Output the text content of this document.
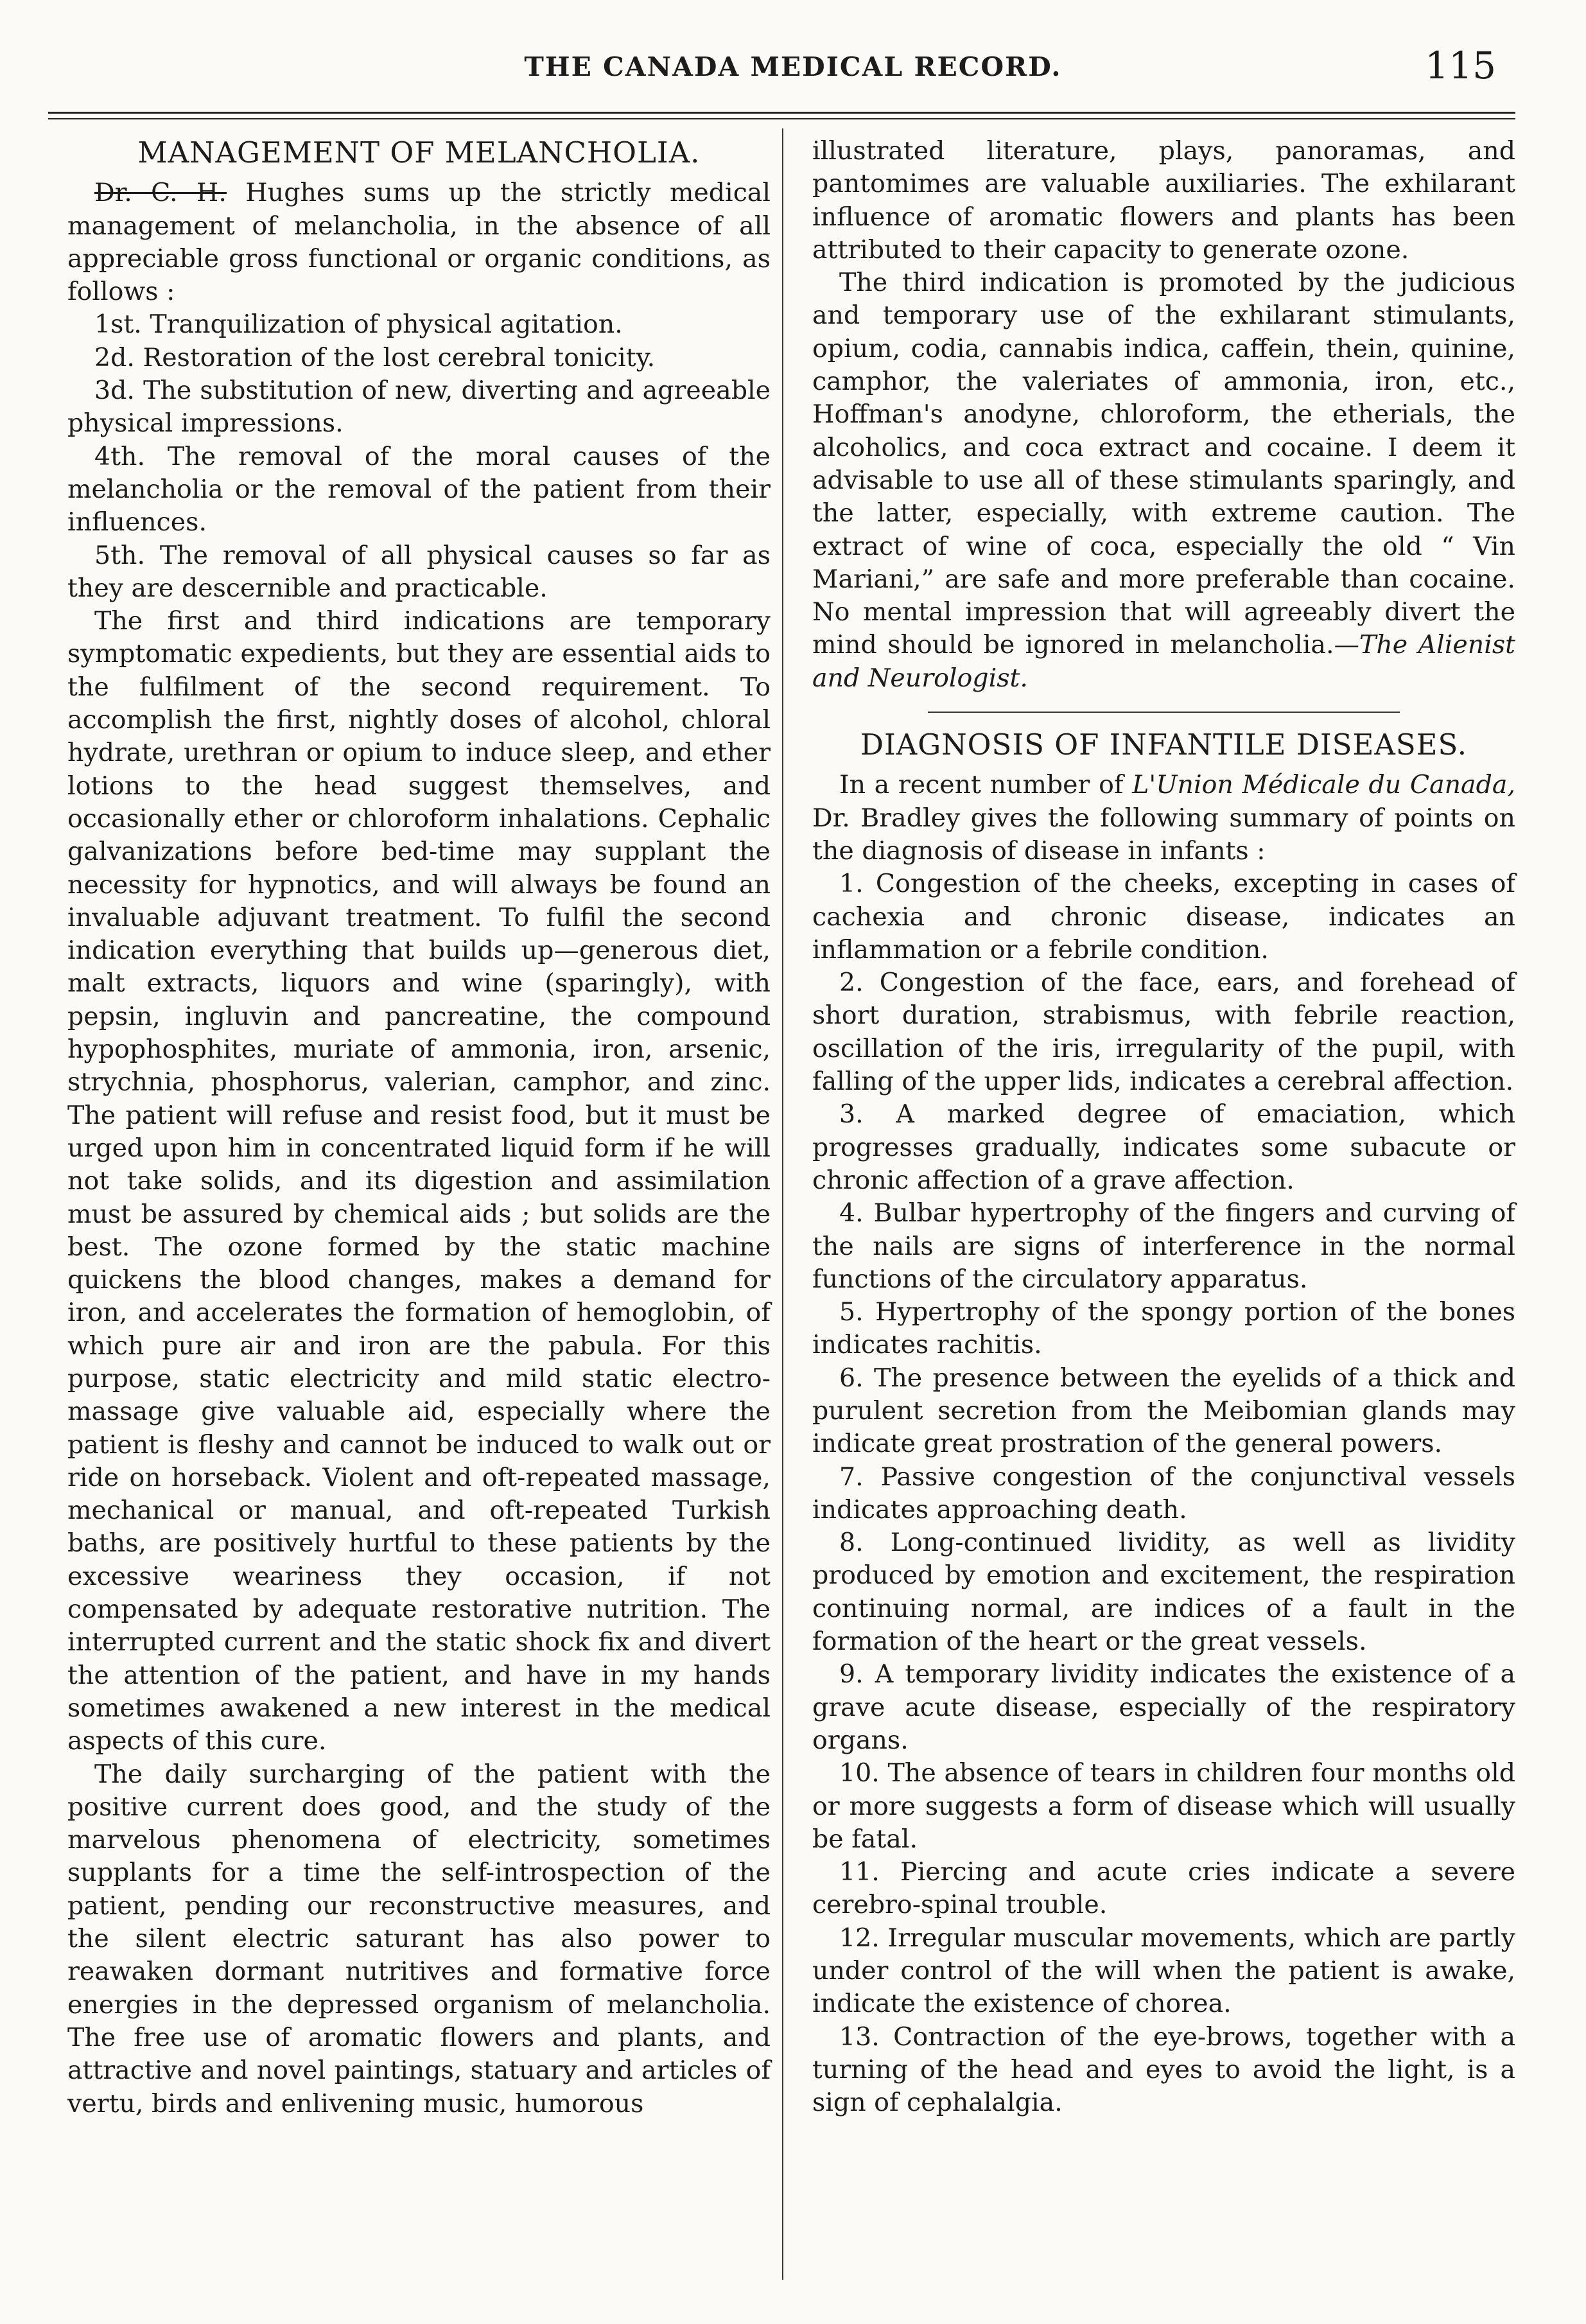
THE CANADA MEDICAL RECORD.	115
MANAGEMENT OF MELANCHOLIA.

Dr. C. H. Hughes sums up the strictly medical management of melancholia, in the absence of all appreciable gross functional or organic conditions, as follows :

1st. Tranquilization of physical agitation.

2d. Restoration of the lost cerebral tonicity.

3d. The substitution of new, diverting and agreeable physical impressions.

4th. The removal of the moral causes of the melancholia or the removal of the patient from their influences.

5th. The removal of all physical causes so far as they are descernible and practicable.

The first and third indications are temporary symptomatic expedients, but they are essential aids to the fulfilment of the second requirement. To accomplish the first, nightly doses of alcohol, chloral hydrate, urethran or opium to induce sleep, and ether lotions to the head suggest themselves, and occasionally ether or chloroform inhalations. Cephalic galvanizations before bed-time may supplant the necessity for hypnotics, and will always be found an invaluable adjuvant treatment. To fulfil the second indication everything that builds up—generous diet, malt extracts, liquors and wine (sparingly), with pepsin, ingluvin and pancreatine, the compound hypophosphites, muriate of ammonia, iron, arsenic, strychnia, phosphorus, valerian, camphor, and zinc. The patient will refuse and resist food, but it must be urged upon him in concentrated liquid form if he will not take solids, and its digestion and assimilation must be assured by chemical aids ; but solids are the best. The ozone formed by the static machine quickens the blood changes, makes a demand for iron, and accelerates the formation of hemoglobin, of which pure air and iron are the pabula. For this purpose, static electricity and mild static electro-massage give valuable aid, especially where the patient is fleshy and cannot be induced to walk out or ride on horseback. Violent and oft-repeated massage, mechanical or manual, and oft-repeated Turkish baths, are positively hurtful to these patients by the excessive weariness they occasion, if not compensated by adequate restorative nutrition. The interrupted current and the static shock fix and divert the attention of the patient, and have in my hands sometimes awakened a new interest in the medical aspects of this cure.

The daily surcharging of the patient with the positive current does good, and the study of the marvelous phenomena of electricity, sometimes supplants for a time the self-introspection of the patient, pending our reconstructive measures, and the silent electric saturant has also power to reawaken dormant nutritives and formative force energies in the depressed organism of melancholia. The free use of aromatic flowers and plants, and attractive and novel paintings, statuary and articles of vertu, birds and enlivening music, humorous

illustrated literature, plays, panoramas, and pantomimes are valuable auxiliaries. The exhilarant influence of aromatic flowers and plants has been attributed to their capacity to generate ozone.

The third indication is promoted by the judicious and temporary use of the exhilarant stimulants, opium, codia, cannabis indica, caffein, thein, quinine, camphor, the valeriates of ammonia, iron, etc., Hoffman's anodyne, chloroform, the etherials, the alcoholics, and coca extract and cocaine. I deem it advisable to use all of these stimulants sparingly, and the latter, especially, with extreme caution. The extract of wine of coca, especially the old “ Vin Mariani,” are safe and more preferable than cocaine. No mental impression that will agreeably divert the mind should be ignored in melancholia.—The Alienist and Neurologist.

DIAGNOSIS OF INFANTILE DISEASES.

In a recent number of L'Union Médicale du Canada, Dr. Bradley gives the following summary of points on the diagnosis of disease in infants :

1. Congestion of the cheeks, excepting in cases of cachexia and chronic disease, indicates an inflammation or a febrile condition.

2. Congestion of the face, ears, and forehead of short duration, strabismus, with febrile reaction, oscillation of the iris, irregularity of the pupil, with falling of the upper lids, indicates a cerebral affection.

3. A marked degree of emaciation, which progresses gradually, indicates some subacute or chronic affection of a grave affection.

4. Bulbar hypertrophy of the fingers and curving of the nails are signs of interference in the normal functions of the circulatory apparatus.

5. Hypertrophy of the spongy portion of the bones indicates rachitis.

6. The presence between the eyelids of a thick and purulent secretion from the Meibomian glands may indicate great prostration of the general powers.

7. Passive congestion of the conjunctival vessels indicates approaching death.

8. Long-continued lividity, as well as lividity produced by emotion and excitement, the respiration continuing normal, are indices of a fault in the formation of the heart or the great vessels.

9. A temporary lividity indicates the existence of a grave acute disease, especially of the respiratory organs.

10. The absence of tears in children four months old or more suggests a form of disease which will usually be fatal.

11. Piercing and acute cries indicate a severe cerebro-spinal trouble.

12. Irregular muscular movements, which are partly under control of the will when the patient is awake, indicate the existence of chorea.

13. Contraction of the eye-brows, together with a turning of the head and eyes to avoid the light, is a sign of cephalalgia.
